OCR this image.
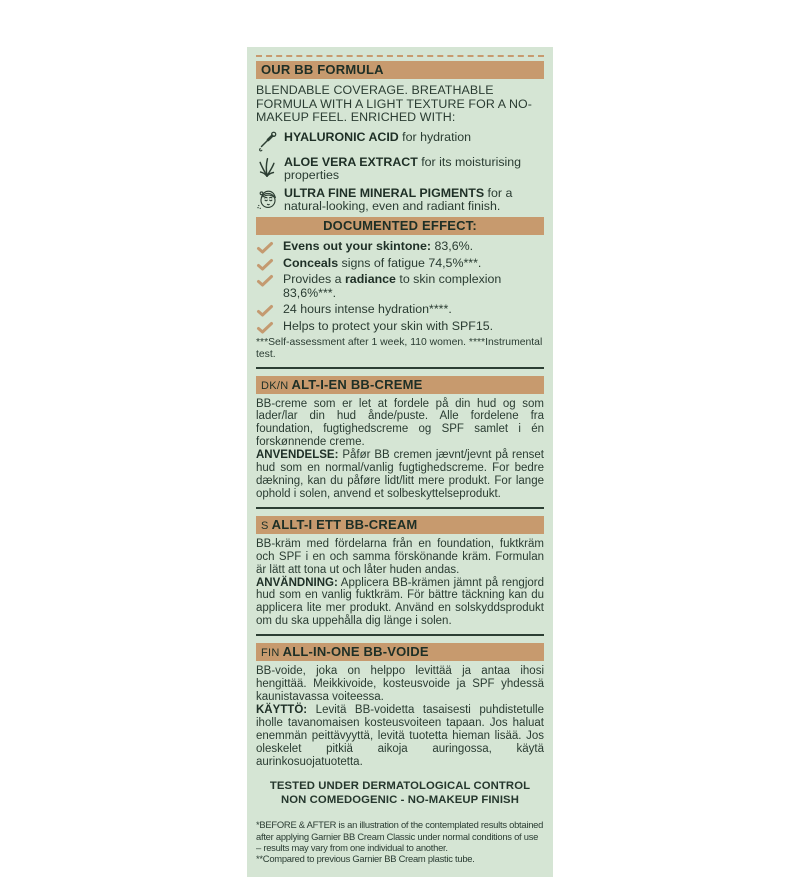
OUR BB FORMULA
BLENDABLE COVERAGE. BREATHABLE FORMULA WITH A LIGHT TEXTURE FOR A NO-MAKEUP FEEL. ENRICHED WITH:
HYALURONIC ACID for hydration
ALOE VERA EXTRACT for its moisturising properties
ULTRA FINE MINERAL PIGMENTS for a natural-looking, even and radiant finish.
DOCUMENTED EFFECT:
Evens out your skintone: 83,6%.
Conceals signs of fatigue 74,5%***.
Provides a radiance to skin complexion 83,6%***.
24 hours intense hydration****.
Helps to protect your skin with SPF15.
***Self-assessment after 1 week, 110 women. ****Instrumental test.
DK/N ALT-I-EN BB-CREME
BB-creme som er let at fordele på din hud og som lader/lar din hud ånde/puste. Alle fordelene fra foundation, fugtighedscreme og SPF samlet i én forskønnende creme.
ANVENDELSE: Påfør BB cremen jævnt/jevnt på renset hud som en normal/vanlig fugtighedscreme. For bedre dækning, kan du påføre lidt/litt mere produkt. For lange ophold i solen, anvend et solbeskyttelseprodukt.
S ALLT-I ETT BB-CREAM
BB-kräm med fördelarna från en foundation, fuktkräm och SPF i en och samma förskönande kräm. Formulan är lätt att tona ut och låter huden andas.
ANVÄNDNING: Applicera BB-krämen jämnt på rengjord hud som en vanlig fuktkräm. För bättre täckning kan du applicera lite mer produkt. Använd en solskyddsprodukt om du ska uppehålla dig länge i solen.
FIN ALL-IN-ONE BB-VOIDE
BB-voide, joka on helppo levittää ja antaa ihosi hengittää. Meikkivoide, kosteusvoide ja SPF yhdessä kaunistavassa voiteessa.
KÄYTTÖ: Levitä BB-voidetta tasaisesti puhdistetulle iholle tavanomaisen kosteusvoiteen tapaan. Jos haluat enemmän peittävyyttä, levitä tuotetta hieman lisää. Jos oleskelet pitkiä aikoja auringossa, käytä aurinkosuojatuotetta.
TESTED UNDER DERMATOLOGICAL CONTROL
NON COMEDOGENIC - NO-MAKEUP FINISH
*BEFORE & AFTER is an illustration of the contemplated results obtained after applying Garnier BB Cream Classic under normal conditions of use – results may vary from one individual to another.
**Compared to previous Garnier BB Cream plastic tube.
